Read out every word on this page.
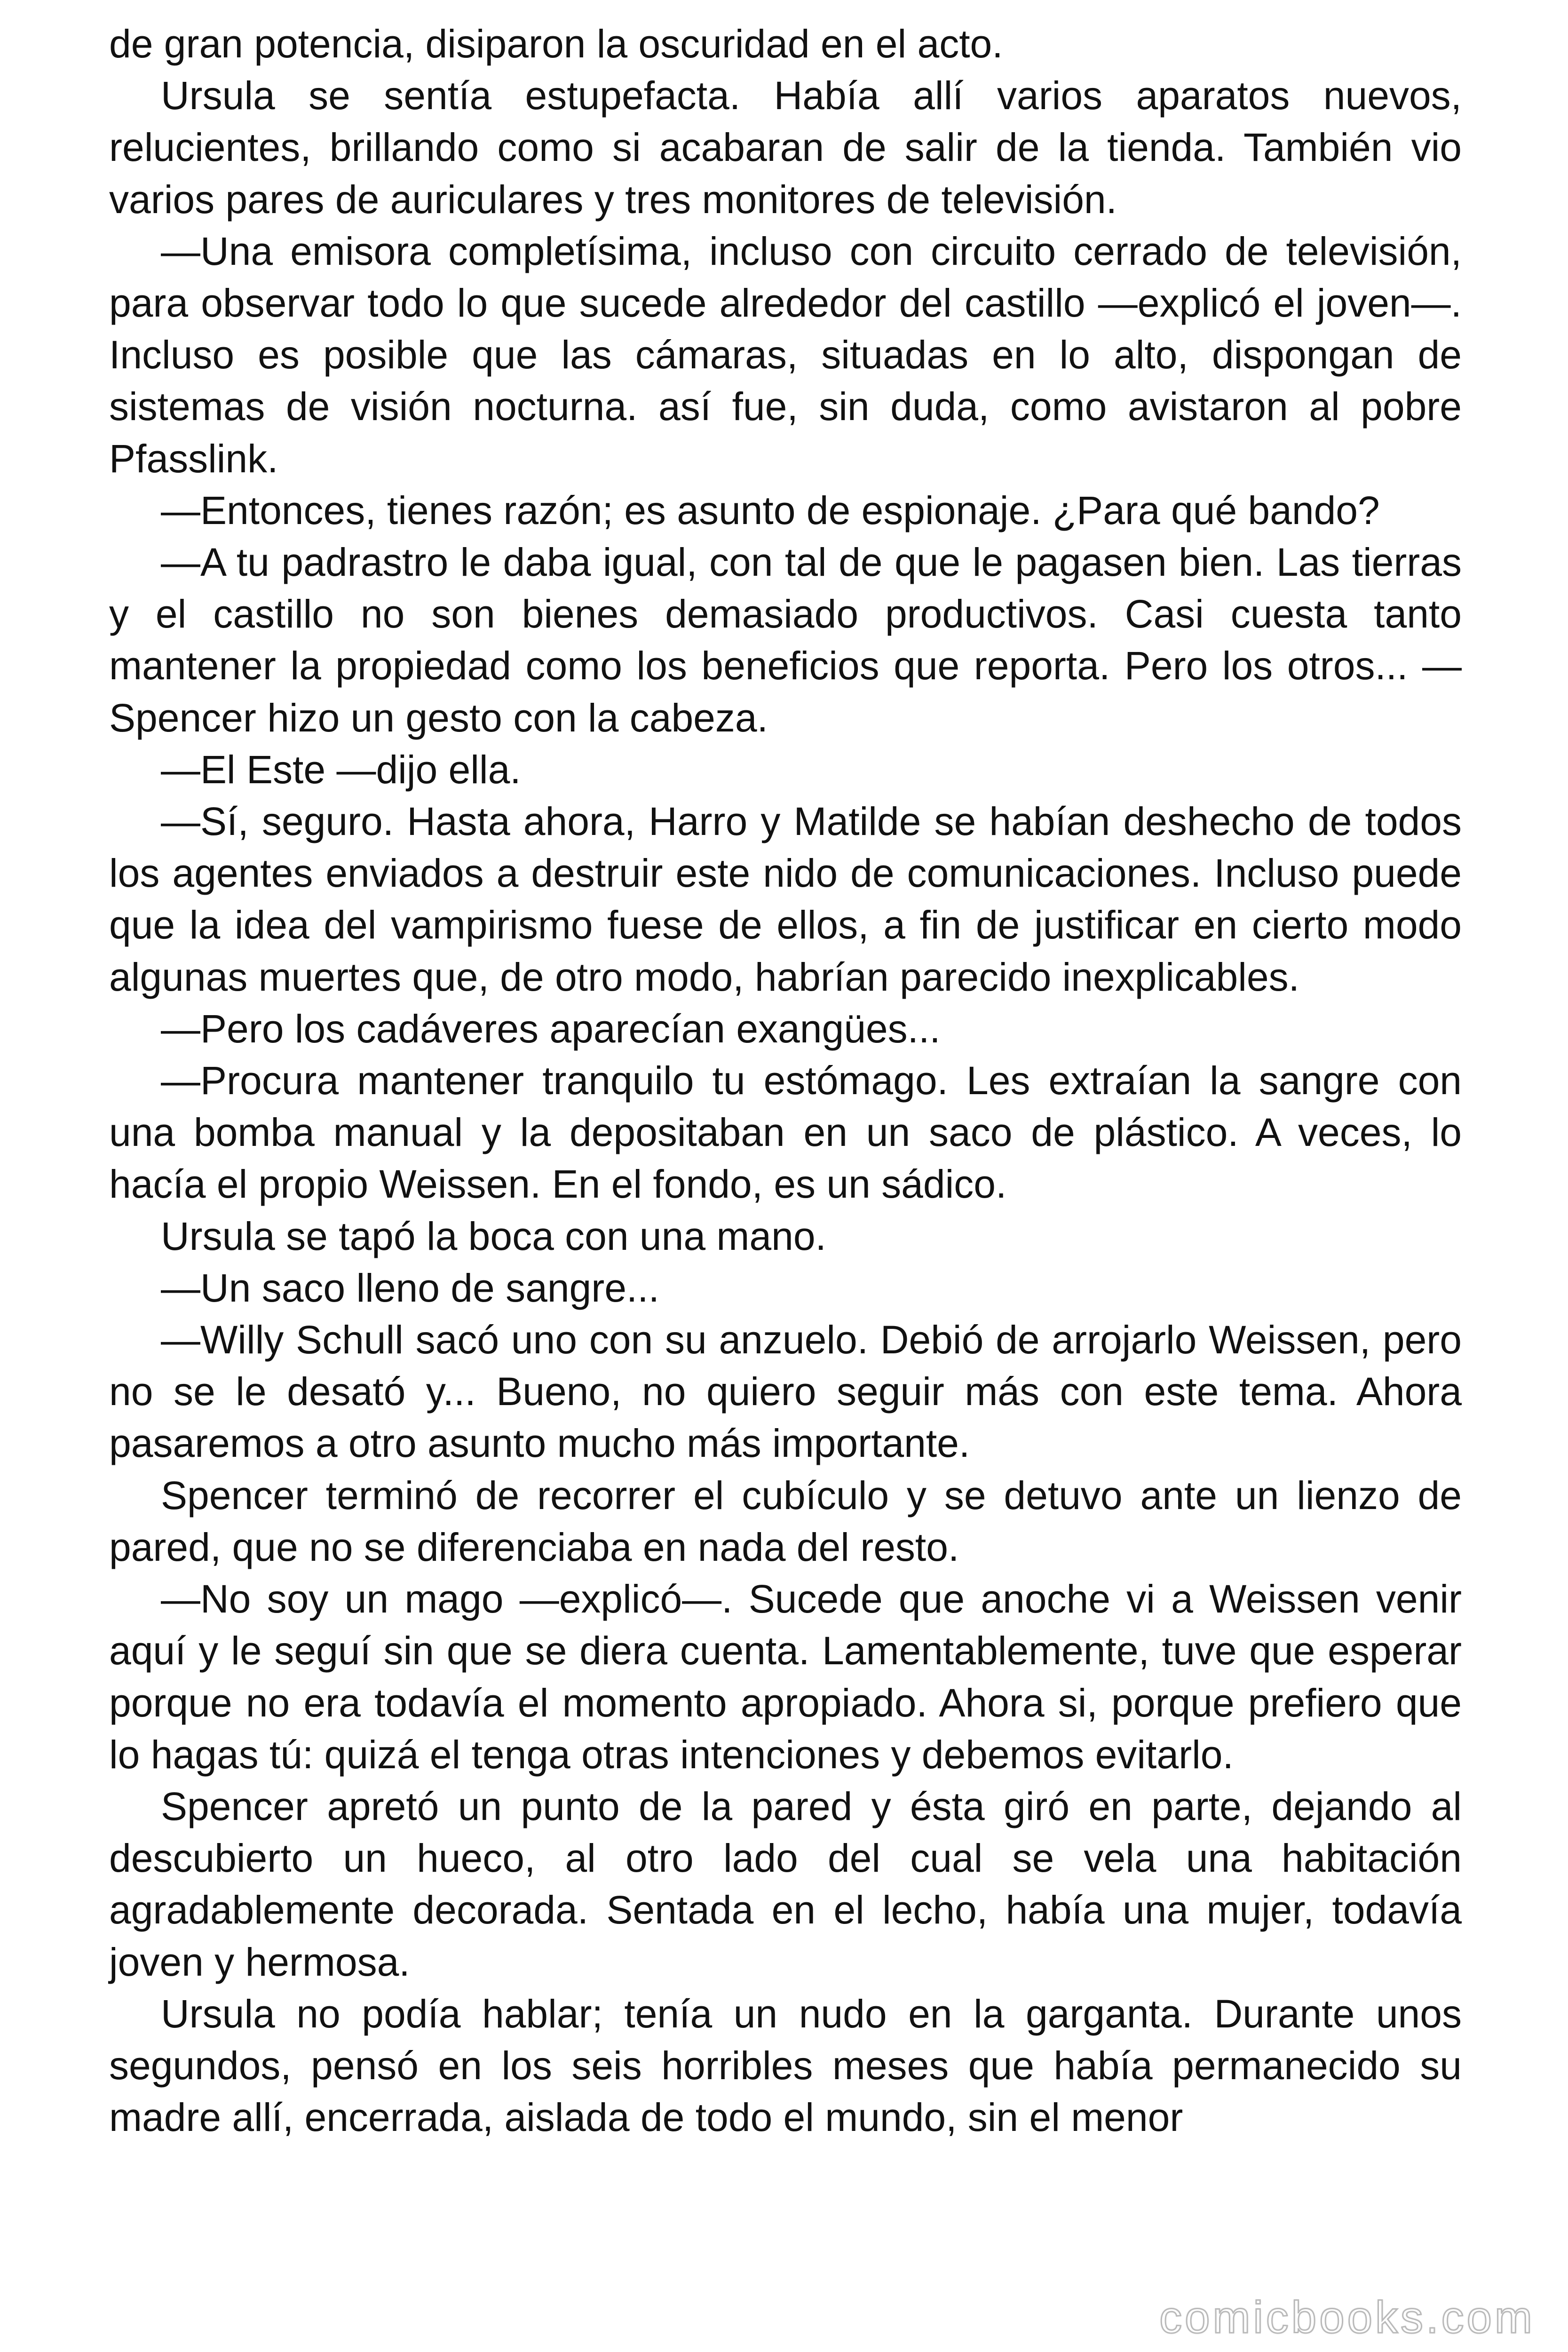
de gran potencia, disiparon la oscuridad en el acto.

Ursula se sentía estupefacta. Había allí varios aparatos nuevos, relucientes, brillando como si acabaran de salir de la tienda. También vio varios pares de auriculares y tres monitores de televisión.

—Una emisora completísima, incluso con circuito cerrado de televisión, para observar todo lo que sucede alrededor del castillo —explicó el joven—. Incluso es posible que las cámaras, situadas en lo alto, dispongan de sistemas de visión nocturna. así fue, sin duda, como avistaron al pobre Pfasslink.

—Entonces, tienes razón; es asunto de espionaje. ¿Para qué bando?

—A tu padrastro le daba igual, con tal de que le pagasen bien. Las tierras y el castillo no son bienes demasiado productivos. Casi cuesta tanto mantener la propiedad como los beneficios que reporta. Pero los otros... —Spencer hizo un gesto con la cabeza.

—El Este —dijo ella.

—Sí, seguro. Hasta ahora, Harro y Matilde se habían deshecho de todos los agentes enviados a destruir este nido de comunicaciones. Incluso puede que la idea del vampirismo fuese de ellos, a fin de justificar en cierto modo algunas muertes que, de otro modo, habrían parecido inexplicables.

—Pero los cadáveres aparecían exangües...

—Procura mantener tranquilo tu estómago. Les extraían la sangre con una bomba manual y la depositaban en un saco de plástico. A veces, lo hacía el propio Weissen. En el fondo, es un sádico.

Ursula se tapó la boca con una mano.

—Un saco lleno de sangre...

—Willy Schull sacó uno con su anzuelo. Debió de arrojarlo Weissen, pero no se le desató y... Bueno, no quiero seguir más con este tema. Ahora pasaremos a otro asunto mucho más importante.

Spencer terminó de recorrer el cubículo y se detuvo ante un lienzo de pared, que no se diferenciaba en nada del resto.

—No soy un mago —explicó—. Sucede que anoche vi a Weissen venir aquí y le seguí sin que se diera cuenta. Lamentablemente, tuve que esperar porque no era todavía el momento apropiado. Ahora si, porque prefiero que lo hagas tú: quizá el tenga otras intenciones y debemos evitarlo.

Spencer apretó un punto de la pared y ésta giró en parte, dejando al descubierto un hueco, al otro lado del cual se vela una habitación agradablemente decorada. Sentada en el lecho, había una mujer, todavía joven y hermosa.

Ursula no podía hablar; tenía un nudo en la garganta. Durante unos segundos, pensó en los seis horribles meses que había permanecido su madre allí, encerrada, aislada de todo el mundo, sin el menor

comicbooks.com
